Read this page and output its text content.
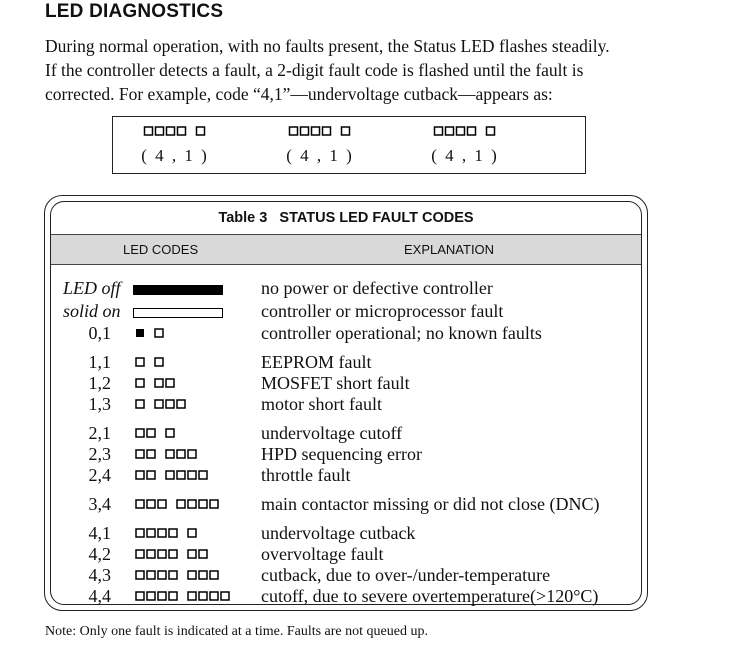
LED DIAGNOSTICS
During normal operation, with no faults present, the Status LED flashes steadily.
If the controller detects a fault, a 2-digit fault code is flashed until the fault is
corrected. For example, code “4,1”—undervoltage cutback—appears as:
( 4 , 1 )	( 4 , 1 )	( 4 , 1 )
Table 3   STATUS LED FAULT CODES
LED CODES	EXPLANATION
LED off	no power or defective controller
solid on	controller or microprocessor fault
0,1	controller operational; no known faults
1,1	EEPROM fault
1,2	MOSFET short fault
1,3	motor short fault
2,1	undervoltage cutoff
2,3	HPD sequencing error
2,4	throttle fault
3,4	main contactor missing or did not close (DNC)
4,1	undervoltage cutback
4,2	overvoltage fault
4,3	cutback, due to over-/under-temperature
4,4	cutoff, due to severe overtemperature(>120°C)
Note: Only one fault is indicated at a time. Faults are not queued up.
